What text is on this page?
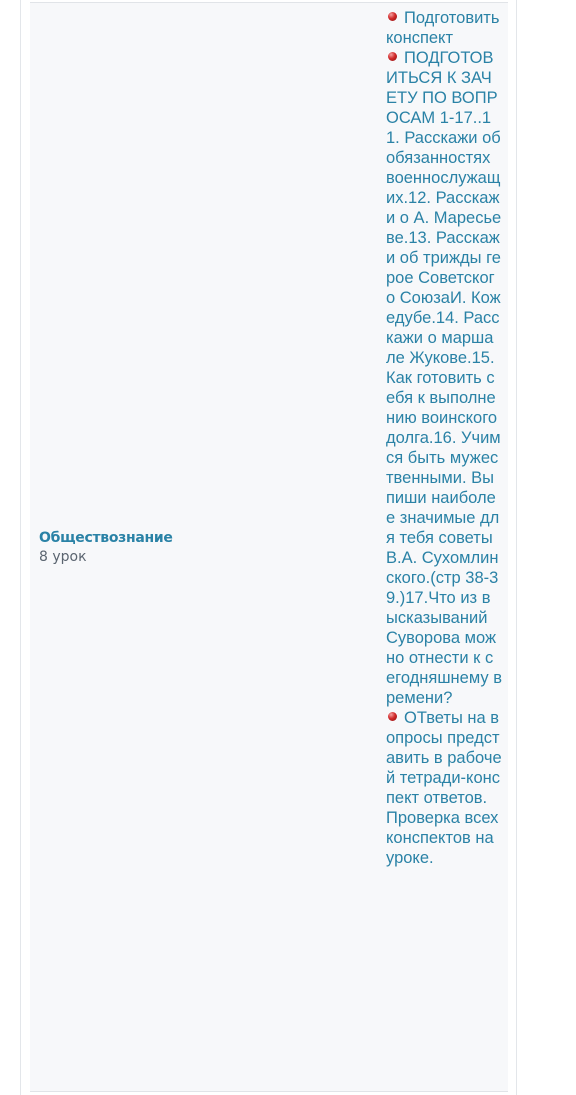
Обществознание
8 урок
Подготовить конспект
ПОДГОТОВИТЬСЯ К ЗАЧЕТУ ПО ВОПРОСАМ 1-17..11. Расскажи об обязанностях военнослужащих.12. Расскажи о А. Маресьеве.13. Расскажи об трижды герое Советского СоюзаИ. Кожедубе.14. Расскажи о маршале Жукове.15. Как готовить себя к выполнению воинского долга.16. Учимся быть мужественными. Выпиши наиболее значимые для тебя советы В.А. Сухомлинского.(стр 38-39.)17.Что из высказываний Суворова можно отнести к сегодняшнему времени?
ОТветы на вопросы представить в рабочей тетради-конспект ответов. Проверка всех конспектов на уроке.
